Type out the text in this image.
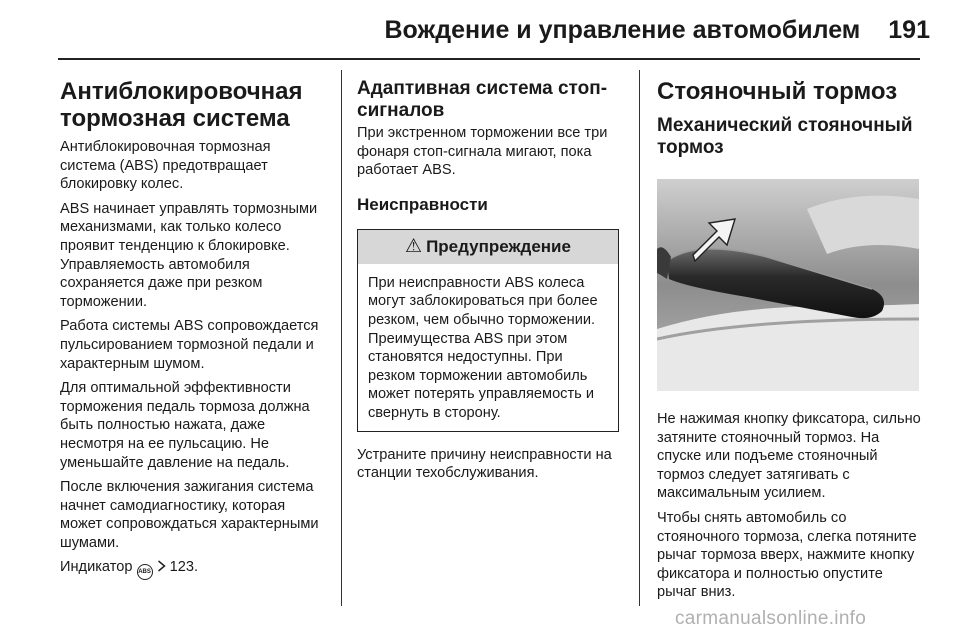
Вождение и управление автомобилем 191
Антиблокировочная тормозная система

Антиблокировочная тормозная система (ABS) предотвращает блокировку колес.

ABS начинает управлять тормозными механизмами, как только колесо проявит тенденцию к блокировке. Управляемость автомобиля сохраняется даже при резком торможении.

Работа системы ABS сопровождается пульсированием тормозной педали и характерным шумом.

Для оптимальной эффективности торможения педаль тормоза должна быть полностью нажата, даже несмотря на ее пульсацию. Не уменьшайте давление на педаль.

После включения зажигания система начнет самодиагностику, которая может сопровождаться характерными шумами.

Индикатор ABS 123.

Адаптивная система стоп-сигналов

При экстренном торможении все три фонаря стоп-сигнала мигают, пока работает ABS.

Неисправности
⚠ Предупреждение

При неисправности ABS колеса могут заблокироваться при более резком, чем обычно торможении. Преимущества ABS при этом становятся недоступны. При резком торможении автомобиль может потерять управляемость и свернуть в сторону.

Устраните причину неисправности на станции техобслуживания.

Стояночный тормоз
Механический стояночный тормоз

Не нажимая кнопку фиксатора, сильно затяните стояночный тормоз. На спуске или подъеме стояночный тормоз следует затягивать с максимальным усилием.

Чтобы снять автомобиль со стояночного тормоза, слегка потяните рычаг тормоза вверх, нажмите кнопку фиксатора и полностью опустите рычаг вниз.

carmanualsonline.info
